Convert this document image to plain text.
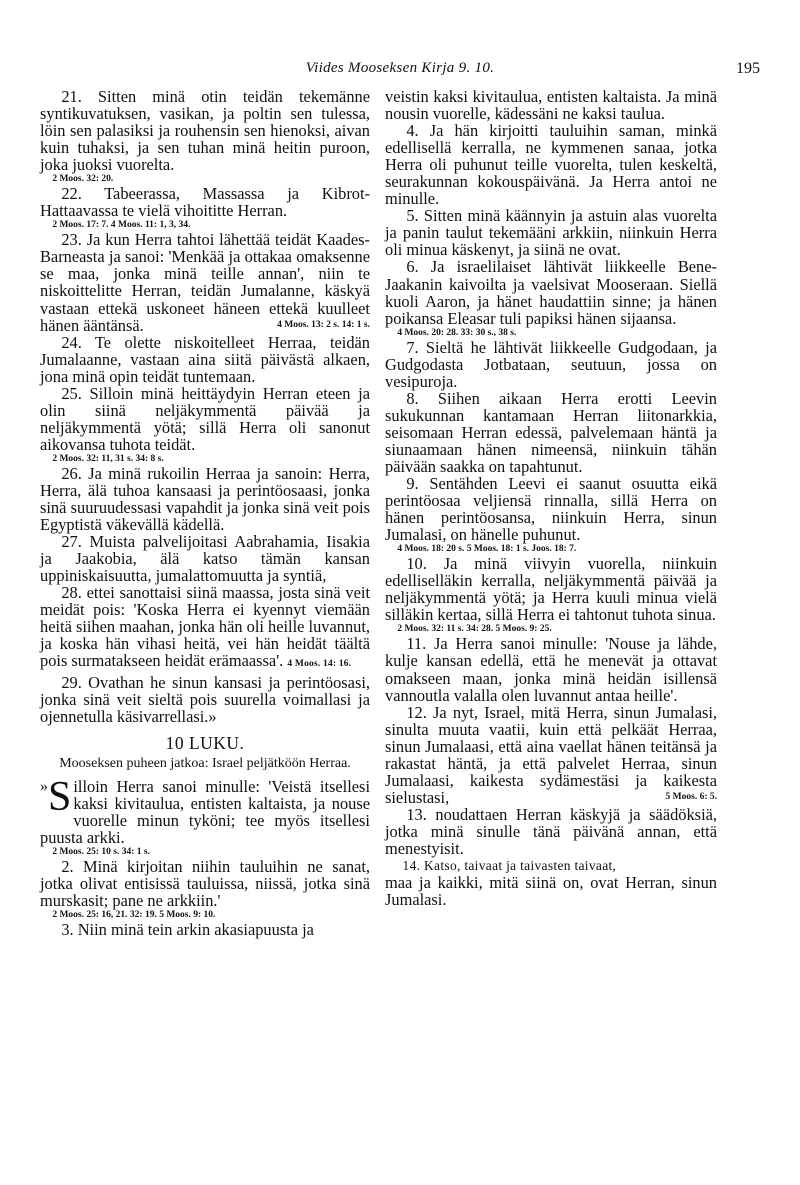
Viides Mooseksen Kirja 9. 10.	195

21. Sitten minä otin teidän tekemänne syntikuvatuksen, vasikan, ja poltin sen tulessa, löin sen palasiksi ja rouhensin sen hienoksi, aivan kuin tuhaksi, ja sen tuhan minä heitin puroon, joka juoksi vuorelta.

2 Moos. 32: 20.

22. Tabeerassa, Massassa ja Kibrot-Hattaavassa te vielä vihoititte Herran.

2 Moos. 17: 7. 4 Moos. 11: 1, 3, 34.

23. Ja kun Herra tahtoi lähettää teidät Kaades-Barneasta ja sanoi: 'Menkää ja ottakaa omaksenne se maa, jonka minä teille annan', niin te niskoittelitte Herran, teidän Jumalanne, käskyä vastaan ettekä uskoneet häneen ettekä kuulleet hänen ääntänsä.	4 Moos. 13: 2 s. 14: 1 s.

24. Te olette niskoitelleet Herraa, teidän Jumalaanne, vastaan aina siitä päivästä alkaen, jona minä opin teidät tuntemaan.

25. Silloin minä heittäydyin Herran eteen ja olin siinä neljäkymmentä päivää ja neljäkymmentä yötä; sillä Herra oli sanonut aikovansa tuhota teidät.

2 Moos. 32: 11, 31 s. 34: 8 s.

26. Ja minä rukoilin Herraa ja sanoin: Herra, Herra, älä tuhoa kansaasi ja perintöosaasi, jonka sinä suuruudessasi vapahdit ja jonka sinä veit pois Egyptistä väkevällä kädellä.

27. Muista palvelijoitasi Aabrahamia, Iisakia ja Jaakobia, älä katso tämän kansan uppiniskaisuutta, jumalattomuutta ja syntiä,

28. ettei sanottaisi siinä maassa, josta sinä veit meidät pois: 'Koska Herra ei kyennyt viemään heitä siihen maahan, jonka hän oli heille luvannut, ja koska hän vihasi heitä, vei hän heidät täältä pois surmatakseen heidät erämaassa'. 4 Moos. 14: 16.

29. Ovathan he sinun kansasi ja perintöosasi, jonka sinä veit sieltä pois suurella voimallasi ja ojennetulla käsivarrellasi.»

10 LUKU.
Mooseksen puheen jatkoa: Israel peljätköön Herraa.

» S illoin Herra sanoi minulle: 'Veistä itsellesi kaksi kivitaulua, entisten kaltaista, ja nouse vuorelle minun tyköni; tee myös itsellesi puusta arkki.

2 Moos. 25: 10 s. 34: 1 s.

2. Minä kirjoitan niihin tauluihin ne sanat, jotka olivat entisissä tauluissa, niissä, jotka sinä murskasit; pane ne arkkiin.'

2 Moos. 25: 16, 21. 32: 19. 5 Moos. 9: 10.

3. Niin minä tein arkin akasiapuusta ja

veistin kaksi kivitaulua, entisten kaltaista. Ja minä nousin vuorelle, kädessäni ne kaksi taulua.

4. Ja hän kirjoitti tauluihin saman, minkä edellisellä kerralla, ne kymmenen sanaa, jotka Herra oli puhunut teille vuorelta, tulen keskeltä, seurakunnan kokouspäivänä. Ja Herra antoi ne minulle.

5. Sitten minä käännyin ja astuin alas vuorelta ja panin taulut tekemääni arkkiin, niinkuin Herra oli minua käskenyt, ja siinä ne ovat.

6. Ja israelilaiset lähtivät liikkeelle Bene-Jaakanin kaivoilta ja vaelsivat Mooseraan. Siellä kuoli Aaron, ja hänet haudattiin sinne; ja hänen poikansa Eleasar tuli papiksi hänen sijaansa.

4 Moos. 20: 28. 33: 30 s., 38 s.

7. Sieltä he lähtivät liikkeelle Gudgodaan, ja Gudgodasta Jotbataan, seutuun, jossa on vesipuroja.

8. Siihen aikaan Herra erotti Leevin sukukunnan kantamaan Herran liitonarkkia, seisomaan Herran edessä, palvelemaan häntä ja siunaamaan hänen nimeensä, niinkuin tähän päivään saakka on tapahtunut.

9. Sentähden Leevi ei saanut osuutta eikä perintöosaa veljiensä rinnalla, sillä Herra on hänen perintöosansa, niinkuin Herra, sinun Jumalasi, on hänelle puhunut.

4 Moos. 18: 20 s. 5 Moos. 18: 1 s. Joos. 18: 7.

10. Ja minä viivyin vuorella, niinkuin edelliselläkin kerralla, neljäkymmentä päivää ja neljäkymmentä yötä; ja Herra kuuli minua vielä silläkin kertaa, sillä Herra ei tahtonut tuhota sinua.

2 Moos. 32: 11 s. 34: 28. 5 Moos. 9: 25.

11. Ja Herra sanoi minulle: 'Nouse ja lähde, kulje kansan edellä, että he menevät ja ottavat omakseen maan, jonka minä heidän isillensä vannoutla valalla olen luvannut antaa heille'.

12. Ja nyt, Israel, mitä Herra, sinun Jumalasi, sinulta muuta vaatii, kuin että pelkäät Herraa, sinun Jumalaasi, että aina vaellat hänen teitänsä ja rakastat häntä, ja että palvelet Herraa, sinun Jumalaasi, kaikesta sydämestäsi ja kaikesta sielustasi,	5 Moos. 6: 5.

13. noudattaen Herran käskyjä ja säädöksiä, jotka minä sinulle tänä päivänä annan, että menestyisit.

14. Katso, taivaat ja taivasten taivaat,

maa ja kaikki, mitä siinä on, ovat Herran, sinun Jumalasi.
